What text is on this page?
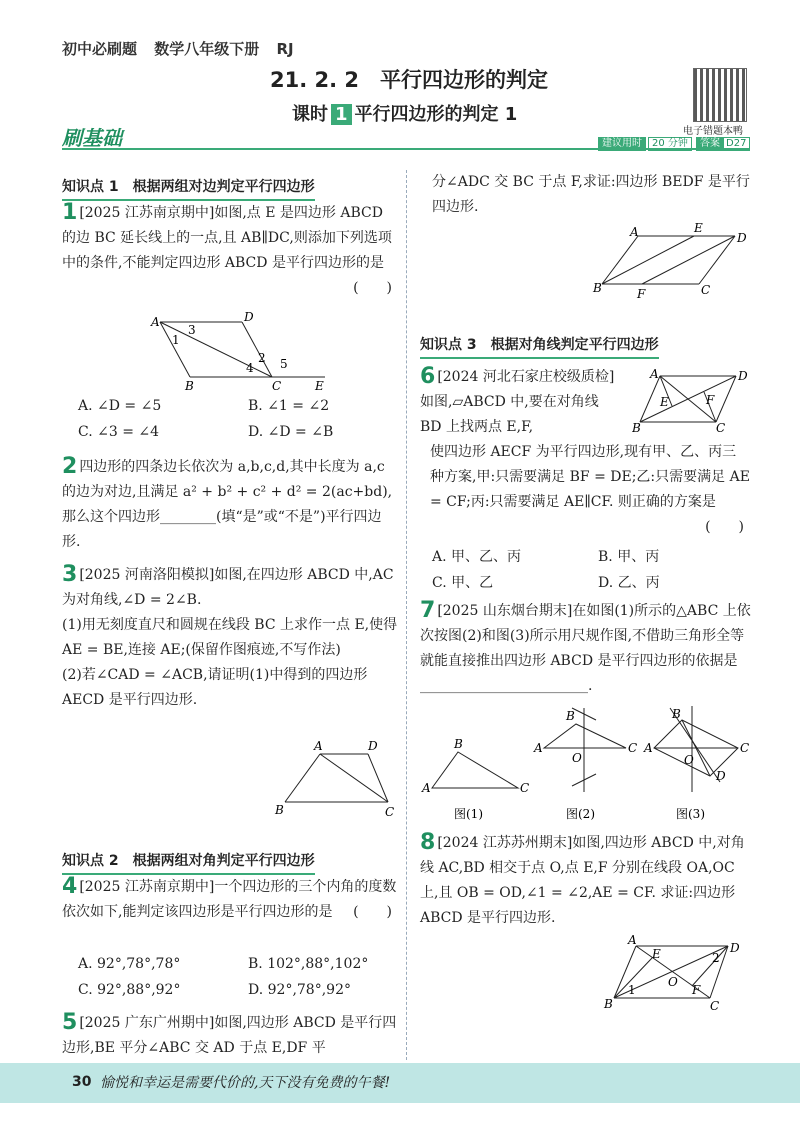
初中必刷题 数学八年级下册 RJ
21. 2. 2　平行四边形的判定
课时 1 平行四边形的判定 1
电子错题本鸭
刷基础	建议用时	20 分钟	答案 D27
知识点 1　根据两组对边判定平行四边形
1 [2025 江苏南京期中]如图,点 E 是四边形 ABCD 的边 BC 延长线上的一点,且 AB∥DC,则添加下列选项中的条件,不能判定四边形 ABCD 是平行四边形的是
(　　)
A	D
B	C	E
1
2
3
4 5
A. ∠D = ∠5	B. ∠1 = ∠2
C. ∠3 = ∠4	D. ∠D = ∠B
2 四边形的四条边长依次为 a,b,c,d,其中长度为 a,c 的边为对边,且满足 a² + b² + c² + d² = 2(ac+bd),那么这个四边形________(填“是”或“不是”)平行四边形.
3 [2025 河南洛阳模拟]如图,在四边形 ABCD 中,AC 为对角线,∠D = 2∠B.
(1)用无刻度直尺和圆规在线段 BC 上求作一点 E,使得 AE = BE,连接 AE;(保留作图痕迹,不写作法)
(2)若∠CAD = ∠ACB,请证明(1)中得到的四边形 AECD 是平行四边形.
A	D
B	C
知识点 2　根据两组对角判定平行四边形
4 [2025 江苏南京期中]一个四边形的三个内角的度数依次如下,能判定该四边形是平行四边形的是 (　　)
A. 92°,78°,78°	B. 102°,88°,102°
C. 92°,88°,92°	D. 92°,78°,92°
5 [2025 广东广州期中]如图,四边形 ABCD 是平行四边形,BE 平分∠ABC 交 AD 于点 E,DF 平
分∠ADC 交 BC 于点 F,求证:四边形 BEDF 是平行四边形.
A	E
D
B	F	C
知识点 3　根据对角线判定平行四边形
6 [2024 河北石家庄校级质检]如图,▱ABCD 中,要在对角线 BD 上找两点 E,F,
A	D
E	F
B	C
使四边形 AECF 为平行四边形,现有甲、乙、丙三种方案,甲:只需要满足 BF = DE;乙:只需要满足 AE = CF;丙:只需要满足 AE∥CF. 则正确的方案是
(　　)
A. 甲、乙、丙	B. 甲、丙
C. 甲、乙	D. 乙、丙
7 [2025 山东烟台期末]在如图(1)所示的△ABC 上依次按图(2)和图(3)所示用尺规作图,不借助三角形全等就能直接推出四边形 ABCD 是平行四边形的依据是________________________.
A
B
C
图(1)
A
B
C
O
图(2)
A
B
C
O
D
图(3)
8 [2024 江苏苏州期末]如图,四边形 ABCD 中,对角线 AC,BD 相交于点 O,点 E,F 分别在线段 OA,OC 上,且 OB = OD,∠1 = ∠2,AE = CF. 求证:四边形 ABCD 是平行四边形.
A
D
E
O
F
B	C
1
2
30 愉悦和幸运是需要代价的,天下没有免费的午餐!
